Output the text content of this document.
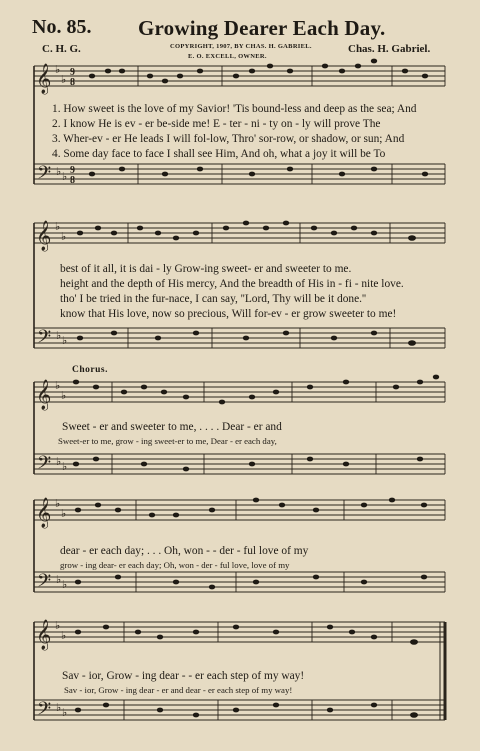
No. 85. Growing Dearer Each Day.
C. H. G.	COPYRIGHT, 1907, BY CHAS. H. GABRIEL.
E. O. EXCELL, OWNER.
Chas. H. Gabriel.
𝄞
𝄢
♭
♭
♭ ♭
9
8
9
8
1. How sweet is the love of my Savior! 'Tis bound-less and deep as the sea; And
2. I know He is ev - er be-side me! E - ter - ni - ty on - ly will prove The
3. Wher-ev - er He leads I will fol-low, Thro' sor-row, or shadow, or sun; And
4. Some day face to face I shall see Him, And oh, what a joy it will be To
𝄞
𝄢
♭
♭
♭ ♭
best of it all, it is dai - ly Grow-ing sweet- er and sweeter to me.
height and the depth of His mercy, And the breadth of His in - fi - nite love.
tho' I be tried in the fur-nace, I can say, ''Lord, Thy will be it done.''
know that His love, now so precious, Will for-ev - er grow sweeter to me!
Chorus.
𝄞
𝄢
♭
♭
♭ ♭
Sweet - er and sweeter to me, . . . . Dear - er and
Sweet-er to me, grow - ing sweet-er to me, Dear - er each day,
𝄞
𝄢
♭
♭
♭ ♭
dear - er each day; . . . Oh, won - - der - ful love of my
grow - ing dear- er each day; Oh, won - der - ful love, love of my
𝄞
𝄢
♭
♭
♭ ♭
Sav - ior, Grow - ing dear - - er each step of my way!
Sav - ior, Grow - ing dear - er and dear - er each step of my way!
